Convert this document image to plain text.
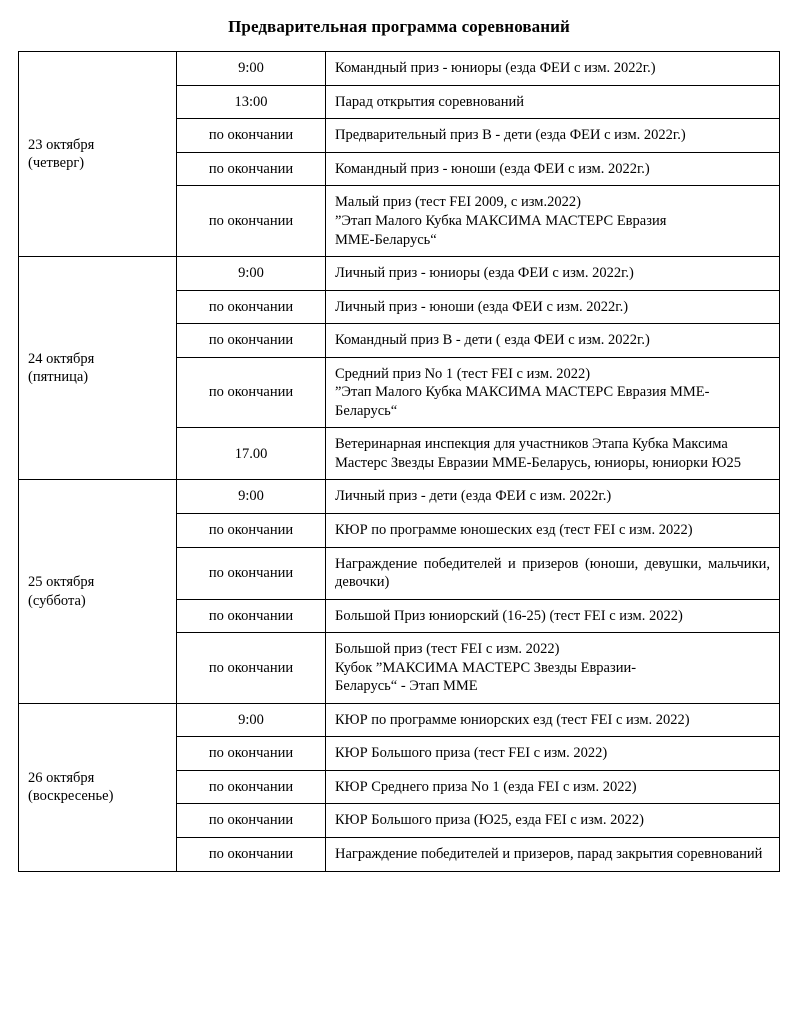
Предварительная программа соревнований
23 октября
(четверг)	9:00	Командный приз - юниоры (езда ФЕИ с изм. 2022г.)

	13:00	Парад открытия соревнований

	по окончании	Предварительный приз В - дети (езда ФЕИ с изм. 2022г.)

	по окончании	Командный приз - юноши (езда ФЕИ с изм. 2022г.)

	по окончании	Малый приз (тест FEI 2009, с изм.2022)
”Этап Малого Кубка МАКСИМА МАСТЕРС Евразия
ММЕ-Беларусь“

24 октября
(пятница)	9:00	Личный приз - юниоры (езда ФЕИ с изм. 2022г.)

	по окончании	Личный приз - юноши (езда ФЕИ с изм. 2022г.)

	по окончании	Командный приз В - дети ( езда ФЕИ с изм. 2022г.)

	по окончании	Средний приз No 1 (тест FEI с изм. 2022)
”Этап Малого Кубка МАКСИМА МАСТЕРС Евразия ММЕ-Беларусь“

	17.00	Ветеринарная инспекция для участников Этапа Кубка Максима Мастерс Звезды Евразии ММЕ-Беларусь, юниоры, юниорки Ю25

25 октября
(суббота)	9:00	Личный приз - дети (езда ФЕИ с изм. 2022г.)

	по окончании	КЮР по программе юношеских езд (тест FEI с изм. 2022)

	по окончании	Награждение победителей и призеров (юноши, девушки, мальчики, девочки)

	по окончании	Большой Приз юниорский (16-25) (тест FEI с изм. 2022)

	по окончании	Большой приз (тест FEI с изм. 2022)
Кубок ”МАКСИМА МАСТЕРС Звезды Евразии-
Беларусь“ - Этап ММЕ

26 октября
(воскресенье)	9:00	КЮР по программе юниорских езд (тест FEI с изм. 2022)

	по окончании	КЮР Большого приза (тест FEI с изм. 2022)

	по окончании	КЮР Среднего приза No 1 (езда FEI с изм. 2022)

	по окончании	КЮР Большого приза (Ю25, езда FEI с изм. 2022)

	по окончании	Награждение победителей и призеров, парад закрытия соревнований
